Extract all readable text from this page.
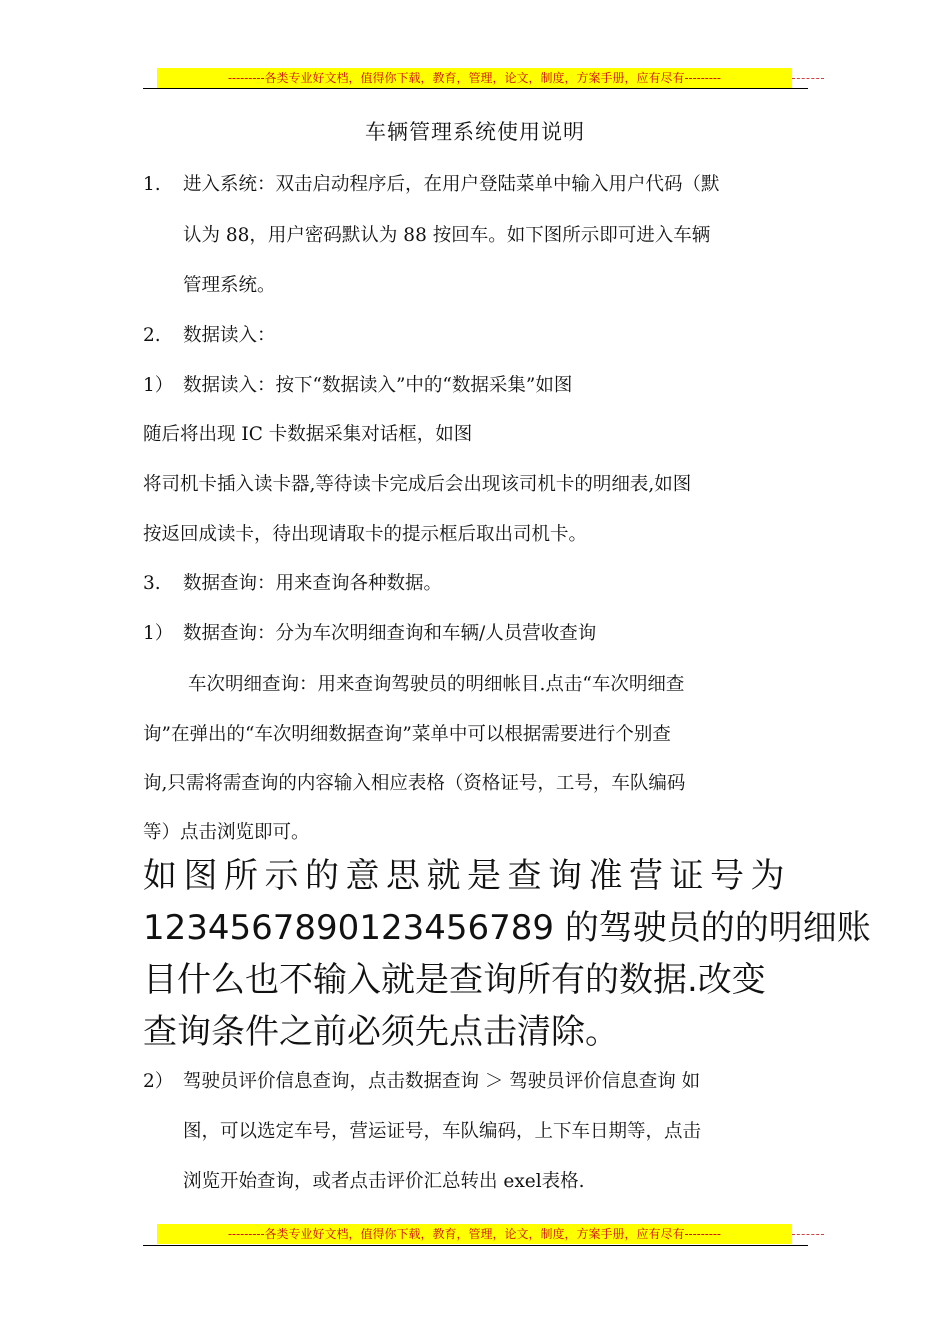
---------各类专业好文档，值得你下载，教育，管理，论文，制度，方案手册，应有尽有---------
车辆管理系统使用说明
1. 进入系统：双击启动程序后，在用户登陆菜单中输入用户代码（默
认为 88，用户密码默认为 88 按回车。如下图所示即可进入车辆
管理系统。
2. 数据读入：
1） 数据读入：按下“数据读入”中的“数据采集”如图
随后将出现 IC 卡数据采集对话框，如图
将司机卡插入读卡器,等待读卡完成后会出现该司机卡的明细表,如图
按返回成读卡，待出现请取卡的提示框后取出司机卡。
3. 数据查询：用来查询各种数据。
1） 数据查询：分为车次明细查询和车辆/人员营收查询
车次明细查询：用来查询驾驶员的明细帐目.点击“车次明细查
询”在弹出的“车次明细数据查询”菜单中可以根据需要进行个别查
询,只需将需查询的内容输入相应表格（资格证号，工号，车队编码
等）点击浏览即可。
如图所示的意思就是查询准营证号为
1234567890123456789 的驾驶员的的明细账
目什么也不输入就是查询所有的数据.改变
查询条件之前必须先点击清除。
2） 驾驶员评价信息查询，点击数据查询 ＞ 驾驶员评价信息查询 如
图，可以选定车号，营运证号，车队编码，上下车日期等，点击
浏览开始查询，或者点击评价汇总转出 exel表格.
---------各类专业好文档，值得你下载，教育，管理，论文，制度，方案手册，应有尽有---------
